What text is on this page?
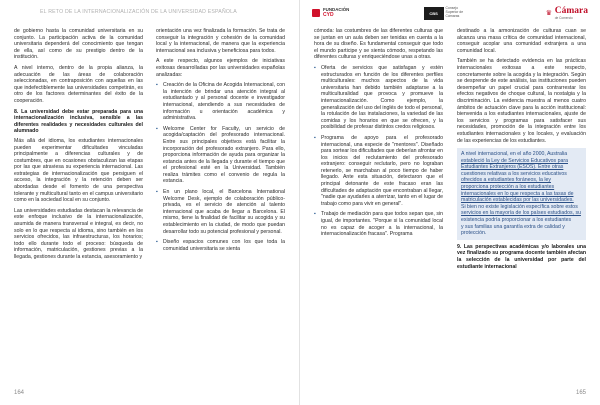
EL RETO DE LA INTERNACIONALIZACIÓN DE LA UNIVERSIDAD ESPAÑOLA

de gobierno hasta la comunidad universitaria en su conjunto. La participación activa de la comunidad universitaria dependerá del conocimiento que tengan de ella, así como de su prestigio dentro de la institución.

A nivel interno, dentro de la propia alianza, la adecuación de las áreas de colaboración seleccionadas, en contraposición con aquellas en las que indefectiblemente las universidades competirán, es otro de los factores determinantes del éxito de la cooperación.

8. La universidad debe estar preparada para una internacionalización inclusiva, sensible a las diferentes realidades y necesidades culturales del alumnado

Más allá del idioma, los estudiantes internacionales pueden experimentar dificultades vinculadas principalmente a diferencias culturales y de costumbres, que en ocasiones obstaculizan las etapas por las que atraviesa su experiencia internacional. Las estrategias de internacionalización que persiguen el acceso, la integración y la retención deben ser abordadas desde el fomento de una perspectiva tolerante y multicultural tanto en el campus universitario como en la sociedad local en su conjunto.

Las universidades estudiadas destacan la relevancia de este enfoque inclusivo de la internacionalización, asumida de manera transversal e integral, es decir, no solo en lo que respecta al idioma, sino también en los servicios ofrecidos, las infraestructuras, los horarios; todo ello durante todo el proceso: búsqueda de información, matriculación, gestiones previas a la llegada, gestiones durante la estancia, asesoramiento y

orientación una vez finalizada la formación. Se trata de conseguir la integración y cohesión de la comunidad local y la internacional, de manera que la experiencia internacional sea inclusiva y beneficiosa para todos.

A este respecto, algunos ejemplos de iniciativas exitosas desarrolladas por las universidades españolas analizadas:

▪ Creación de la Oficina de Acogida Internacional, con la intención de brindar una atención integral al estudiantado y al personal docente e investigador internacional, atendiendo a sus necesidades de información u orientación académica y administrativa.
▪ Welcome Center for Faculty, un servicio de acogida/captación del profesorado internacional. Entre sus principales objetivos está facilitar la incorporación del profesorado extranjero. Para ello, proporciona información de ayuda para organizar la estancia antes de la llegada y durante el tiempo que el profesional esté en la Universidad. También realiza trámites como el convenio de regula la estancia.
▪ En un plano local, el Barcelona International Welcome Desk, ejemplo de colaboración público-privada, es el servicio de atención al talento internacional que acaba de llegar a Barcelona. El mismo, tiene la finalidad de facilitar su acogida y su establecimiento en la ciudad, de modo que puedan desarrollar todo su potencial profesional y personal.
▪ Diseño espacios comunes con los que toda la comunidad universitaria se sienta
164
FUNDACIÓN
CYD	CBS
Consejo Superior de Cámaras	♛ Cámara
de Comercio

cómoda: las costumbres de las diferentes culturas que se juntan en un aula deben ser tenidas en cuenta a la hora de su diseño. Es fundamental conseguir que todo el mundo participe y se sienta cómodo, respetando las diferentes culturas y enriqueciéndose unas a otras.

▪ Oferta de servicios que satisfagan y estén estructurados en función de los diferentes perfiles multiculturales: muchos aspectos de la vida universitaria han debido también adaptarse a la multiculturalidad que provoca y promueve la internacionalización. Como ejemplo, la generalización del uso del inglés de todo el personal, la rotulación de las instalaciones, la variedad de las comidas y los horarios en que se ofrecen, y la posibilidad de profesar distintos credos religiosos.
▪ Programa de apoyo para el profesorado internacional, una especie de "mentores". Diseñado para sortear los dificultades que deberían afrontar en los inicios del reclutamiento del profesorado extranjero: conseguir reclutarlo, pero no lograban retenerlo, se marchaban al poco tiempo de haber llegado. Ante esta situación, detectaron que el principal detonante de este fracaso eran las dificultades de adaptación que encontraban al llegar, "nadie que ayudarles a aterrizar, tanto en el lugar de trabajo como para vivir en general".
▪ Trabajo de mediación para que todos sepan que, sin igual, de importantes. "Porque si la comunidad local no es capaz de acoger a la internacional, la internacionalización fracasa". Programa

destinado a la armonización de culturas cuan se alcanza una masa crítica de comunidad internacional, conseguir acoplar una comunidad extranjera a una comunidad local.

También se ha detectado evidencia en las prácticas internacionales exitosas a este respecto, concretamente sobre la acogida y la integración. Según se desprende de este análisis, las instituciones pueden desempeñar un papel crucial para contrarrestar los efectos negativos de choque cultural, la nostalgia y la discriminación. La evidencia muestra al menos cuatro ámbitos de actuación clave para la acción institucional: bienvenida a los estudiantes internacionales, ajuste de los servicios y programas para satisfacer sus necesidades, promoción de la integración entre los estudiantes internacionales y los locales, y evaluación de las experiencias de los estudiantes.

A nivel internacional, en el año 2000, Australia
estableció la Ley de Servicios Educativos para
Estudiantes Extranjeros (ESOS). Entre otras
cuestiones relativas a los servicios educativos
ofrecidos a estudiantes foráneos, la ley
proporciona protección a los estudiantes
internacionales en lo que respecta a las tasas de
matriculación establecidas por las universidades.
Si bien no existe legislación específica sobre estos
servicios en la mayoría de los países estudiados, su
existencia podría proporcionar a los estudiantes
y sus familias una garantía extra de calidad y
protección.

9. Las perspectivas académicas y/o laborales una vez finalizado su programa docente también afectan la selección de la universidad por parte del estudiante internacional

165
